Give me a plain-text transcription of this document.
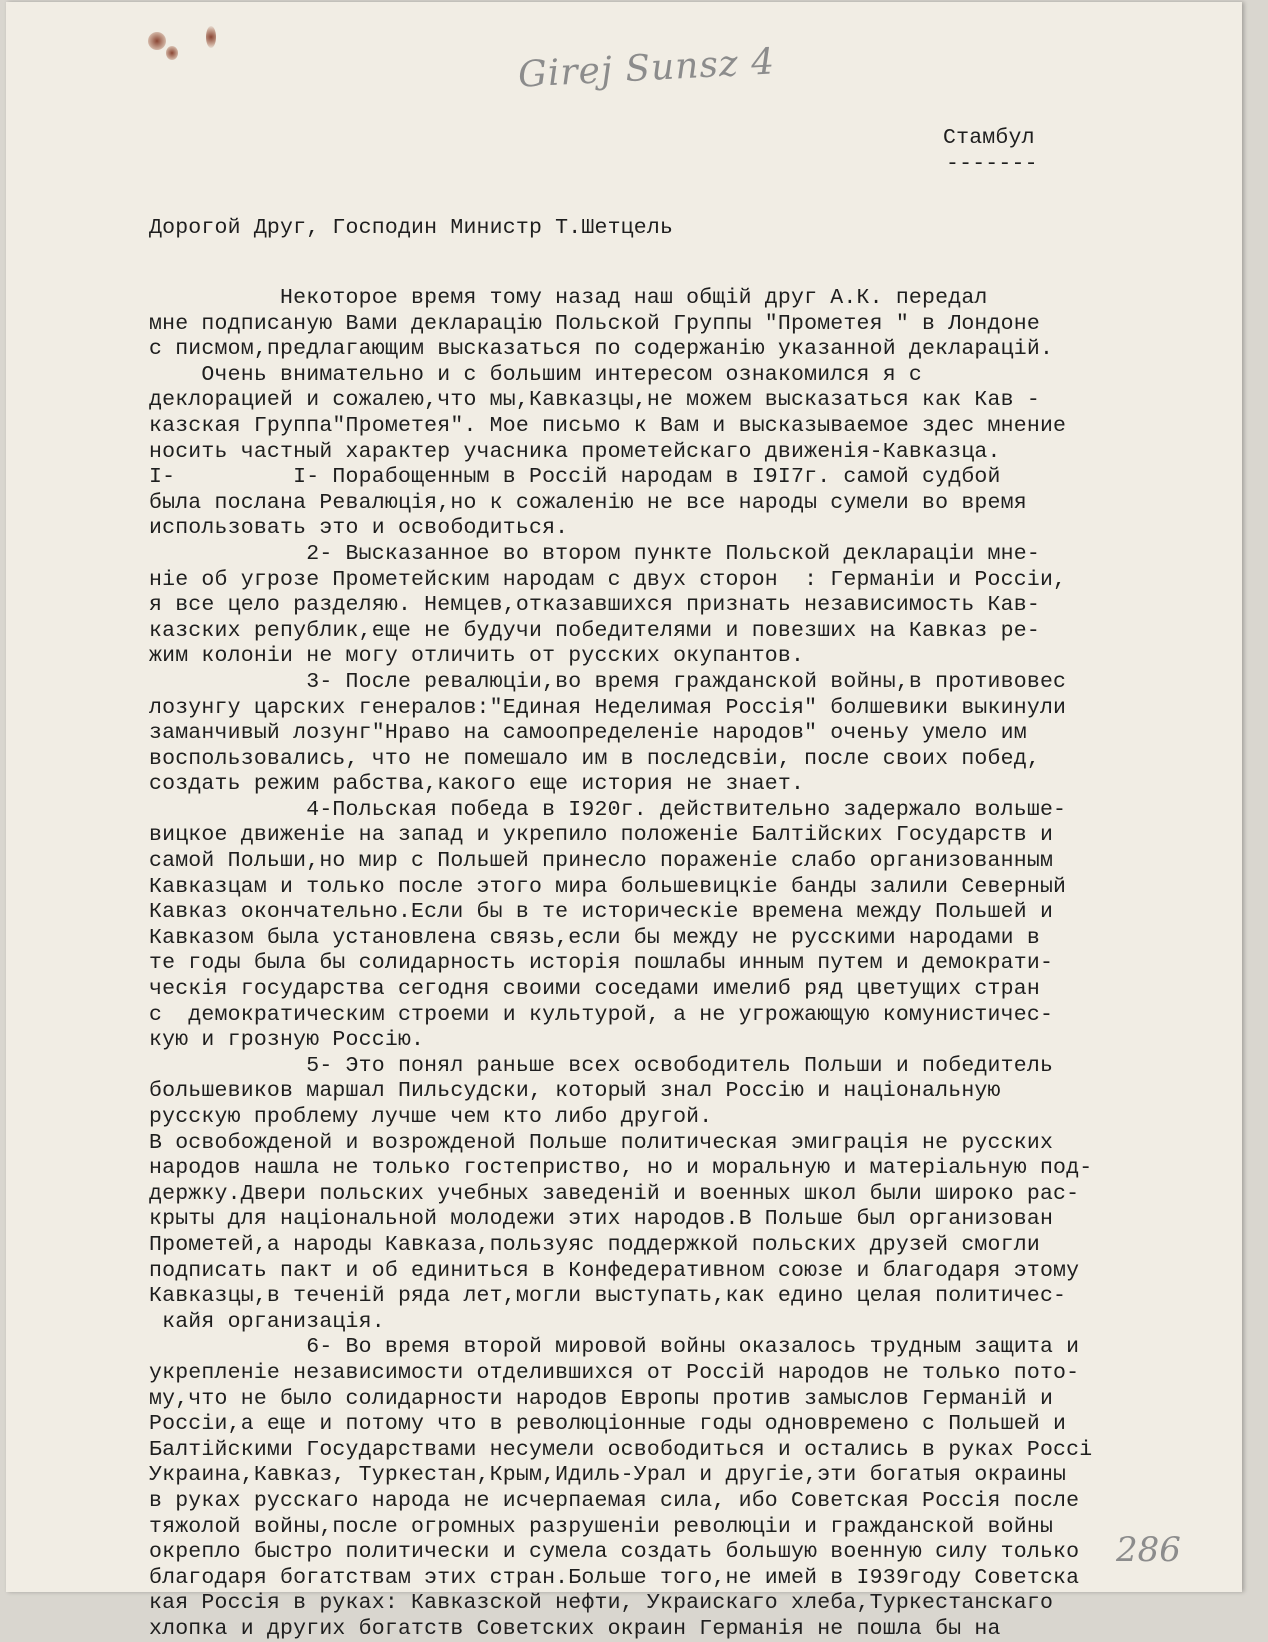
Girej Sunsz 4
Стамбул
-------
Дорогой Друг, Господин Министр Т.Шетцель
Некоторое время тому назад наш общій друг А.К. передал
мне подписаную Вами декларацію Польской Группы "Прометея " в Лондоне
с писмом,предлагающим высказаться по содержанію указанной декларацій.
Очень внимательно и с большим интересом ознакомился я с
деклорацией и сожалею,что мы,Кавказцы,не можем высказаться как Кав -
казская Группа"Прометея". Мое письмо к Вам и высказываемое здес мнение
носить частный характер учасника прометейскаго движенія-Кавказца.
I-         I- Порабощенным в Россій народам в I9I7г. самой судбой
была послана Ревалюція,но к сожаленію не все народы сумели во время
использовать это и освободиться.
2- Высказанное во втором пункте Польской деклараціи мне-
ніе об угрозе Прометейским народам с двух сторон  : Германіи и Россіи,
я все цело разделяю. Немцев,отказавшихся признать независимость Кав-
казских републик,еще не будучи победителями и повезших на Кавказ ре-
жим колоніи не могу отличить от русских окупантов.
3- После ревалюціи,во время гражданской войны,в противовес
лозунгу царских генералов:"Единая Неделимая Россія" болшевики выкинули
заманчивый лозунг"Нраво на самоопределеніе народов" оченьу умело им
воспользовались, что не помешало им в последсвіи, после своих побед,
создать режим рабства,какого еще история не знает.
4-Польская победа в I920г. действительно задержало вольше-
вицкое движеніе на запад и укрепило положеніе Балтійских Государств и
самой Польши,но мир с Польшей принесло пораженіе слабо организованным
Кавказцам и только после этого мира большевицкіе банды залили Северный
Кавказ окончательно.Если бы в те историческіе времена между Польшей и
Кавказом была установлена связь,если бы между не русскими народами в
те годы была бы солидарность исторія пошлабы инным путем и демократи-
ческія государства сегодня своими соседами имелиб ряд цветущих стран
с  демократическим строеми и культурой, а не угрожающую комунистичес-
кую и грозную Россію.
5- Это понял раньше всех освободитель Польши и победитель
большевиков маршал Пильсудски, который знал Россію и національную
русскую проблему лучше чем кто либо другой.
В освобожденой и возрожденой Польше политическая эмиграція не русских
народов нашла не только гостеприство, но и моральную и матеріальную под-
держку.Двери польских учебных заведеній и военных школ были широко рас-
крыты для національной молодежи этих народов.В Польше был организован
Прометей,а народы Кавказа,пользуяс поддержкой польских друзей смогли
подписать пакт и об единиться в Конфедеративном союзе и благодаря этому
Кавказцы,в теченій ряда лет,могли выступать,как едино целая политичес-
кайя организація.
6- Во время второй мировой войны оказалось трудным защита и
укрепленіе независимости отделившихся от Россій народов не только пото-
му,что не было солидарности народов Европы против замыслов Германій и
Россіи,а еще и потому что в революціонные годы одновремено с Польшей и
Балтійскими Государствами несумели освободиться и остались в руках Россі
Украина,Кавказ, Туркестан,Крым,Идиль-Урал и другіе,эти богатыя окраины
в руках русскаго народа не исчерпаемая сила, ибо Советская Россія после
тяжолой войны,после огромных разрушеніи революціи и гражданской войны
окрепло быстро политически и сумела создать большую военную силу только
благодаря богатствам этих стран.Больше того,не имей в I939году Советска
кая Россія в руках: Кавказской нефти, Украискаго хлеба,Туркестанскаго
хлопка и других богатств Советских окраин Германія не пошла бы на
286
